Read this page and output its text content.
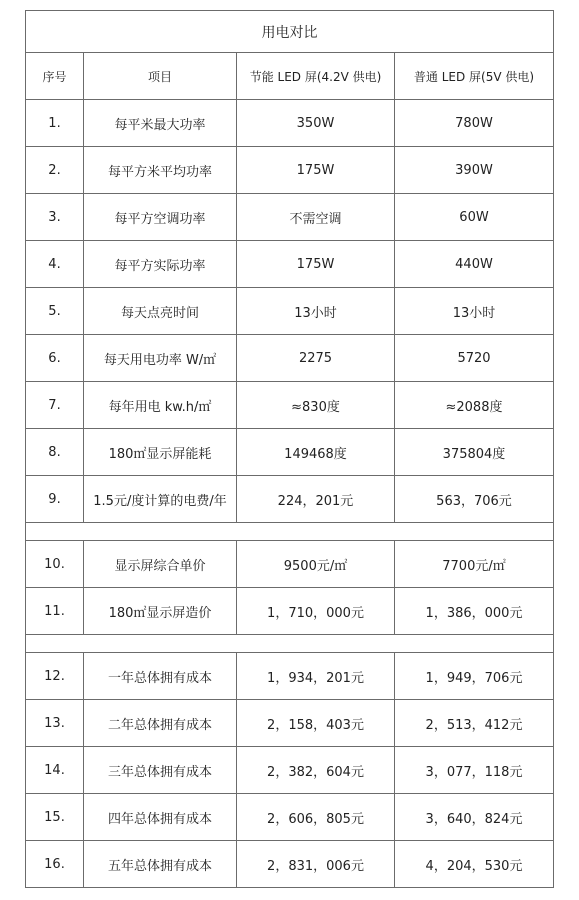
用电对比			
序号	项目	节能 LED 屏(4.2V 供电)	普通 LED 屏(5V 供电)
1.	每平米最大功率	350W	780W
2.	每平方米平均功率	175W	390W
3.	每平方空调功率	不需空调	60W
4.	每平方实际功率	175W	440W
5.	每天点亮时间	13小时	13小时
6.	每天用电功率 W/㎡	2275	5720
7.	每年用电 kw.h/㎡	≈830度	≈2088度
8.	180㎡显示屏能耗	149468度	375804度
9.	1.5元/度计算的电费/年	224，201元	563，706元

10.	显示屏综合单价	9500元/㎡	7700元/㎡
11.	180㎡显示屏造价	1，710，000元	1，386，000元

12.	一年总体拥有成本	1，934，201元	1，949，706元
13.	二年总体拥有成本	2，158，403元	2，513，412元
14.	三年总体拥有成本	2，382，604元	3，077，118元
15.	四年总体拥有成本	2，606，805元	3，640，824元
16.	五年总体拥有成本	2，831，006元	4，204，530元
